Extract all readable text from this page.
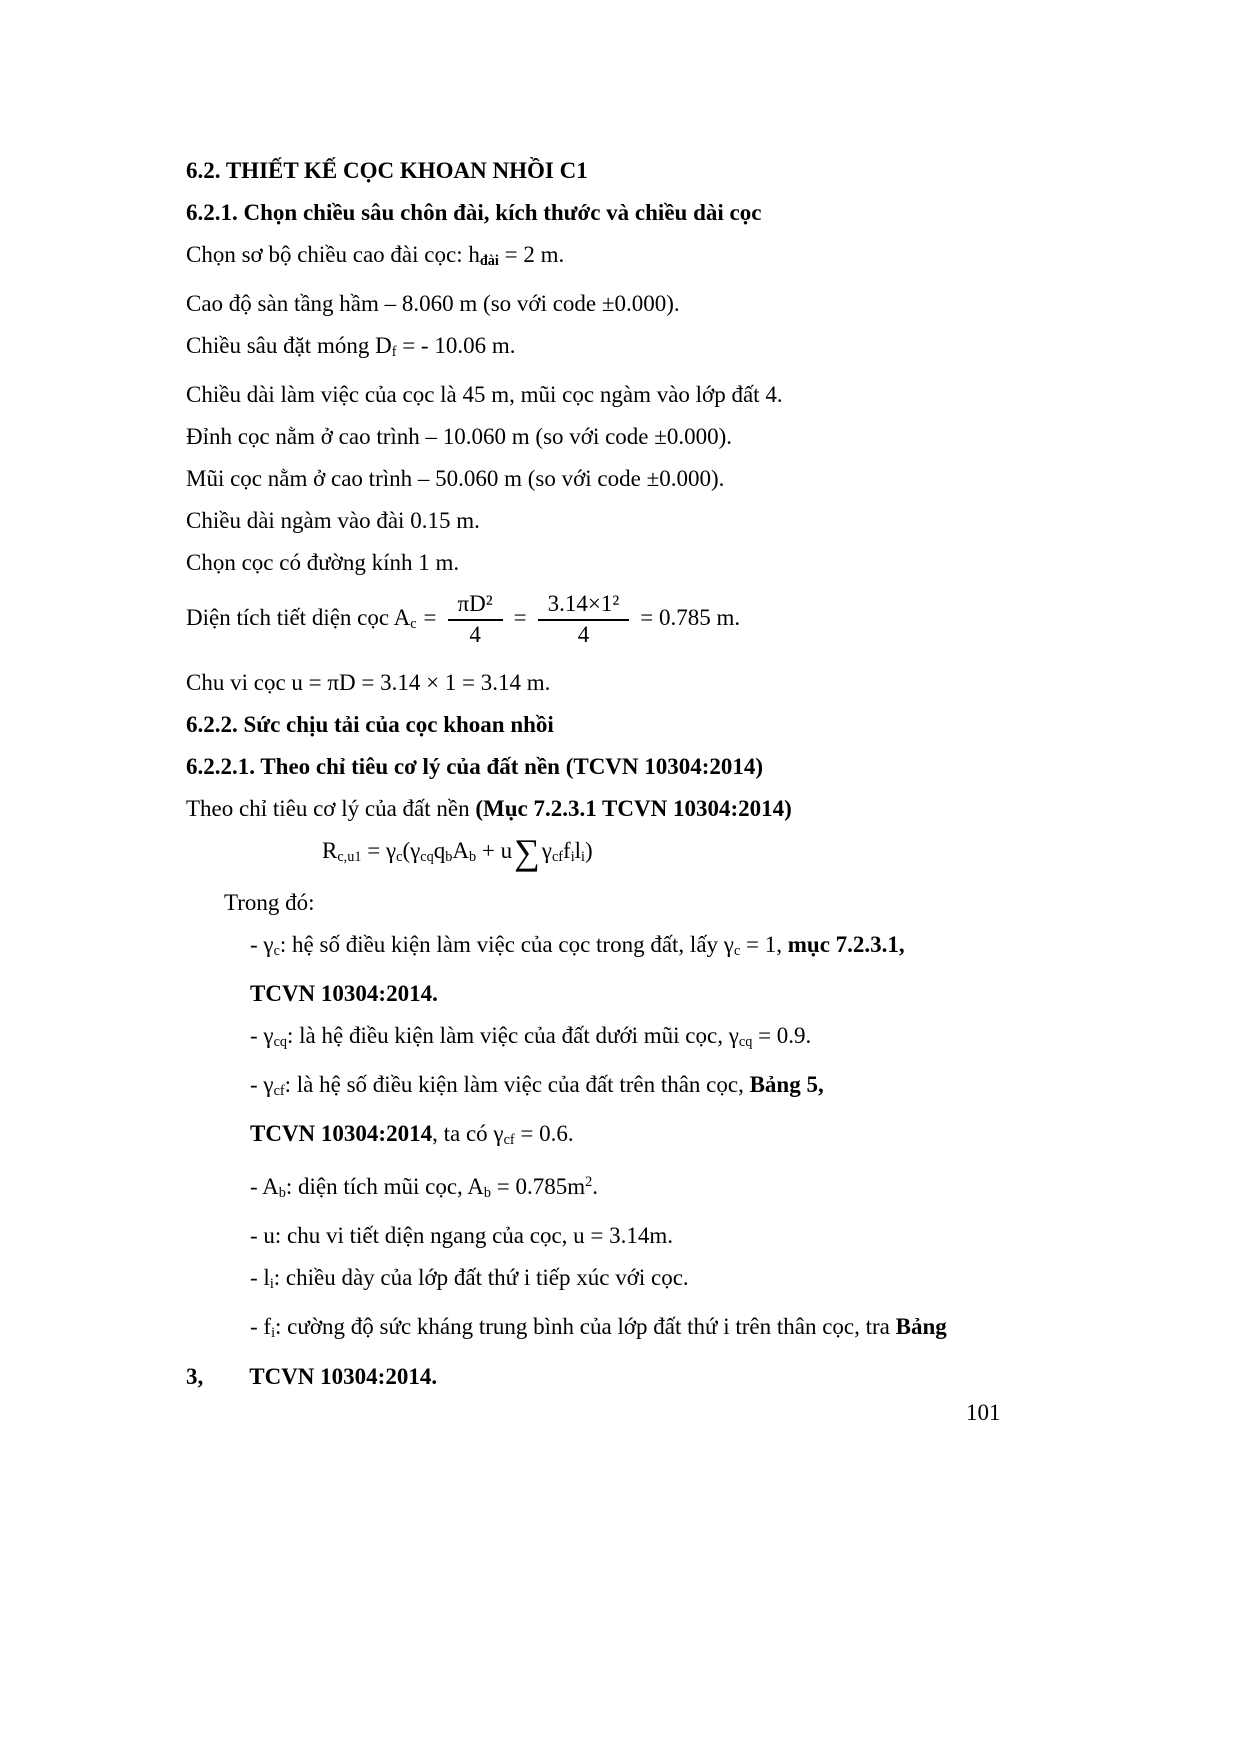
6.2. THIẾT KẾ CỌC KHOAN NHỒI C1

6.2.1. Chọn chiều sâu chôn đài, kích thước và chiều dài cọc

Chọn sơ bộ chiều cao đài cọc: hđài = 2 m.

Cao độ sàn tầng hầm – 8.060 m (so với code ±0.000).

Chiều sâu đặt móng Df = - 10.06 m.

Chiều dài làm việc của cọc là 45 m, mũi cọc ngàm vào lớp đất 4.

Đỉnh cọc nằm ở cao trình – 10.060 m (so với code ±0.000).

Mũi cọc nằm ở cao trình – 50.060 m (so với code ±0.000).

Chiều dài ngàm vào đài 0.15 m.

Chọn cọc có đường kính 1 m.

Diện tích tiết diện cọc $Ac = \frac{\text{πD²}}{4} = \frac{\text{3.14×1²}}{4} = 0.785$ m.

Chu vi cọc u = πD = 3.14 × 1 = 3.14 m.

6.2.2. Sức chịu tải của cọc khoan nhồi

6.2.2.1. Theo chỉ tiêu cơ lý của đất nền (TCVN 10304:2014)

Theo chỉ tiêu cơ lý của đất nền (Mục 7.2.3.1 TCVN 10304:2014)

Rc,u1 = γc(γcqqbAb + u∑γcffili)

Trong đó:

- γc: hệ số điều kiện làm việc của cọc trong đất, lấy γc = 1, mục 7.2.3.1,

TCVN 10304:2014.

- γcq: là hệ điều kiện làm việc của đất dưới mũi cọc, γcq = 0.9.

- γcf: là hệ số điều kiện làm việc của đất trên thân cọc, Bảng 5,

TCVN 10304:2014, ta có γcf = 0.6.

- Ab: diện tích mũi cọc, $Ab = 0.785m^2$.

- u: chu vi tiết diện ngang của cọc, u = 3.14m.

- li: chiều dày của lớp đất thứ i tiếp xúc với cọc.

- fi: cường độ sức kháng trung bình của lớp đất thứ i trên thân cọc, tra Bảng

3, TCVN 10304:2014.

101
